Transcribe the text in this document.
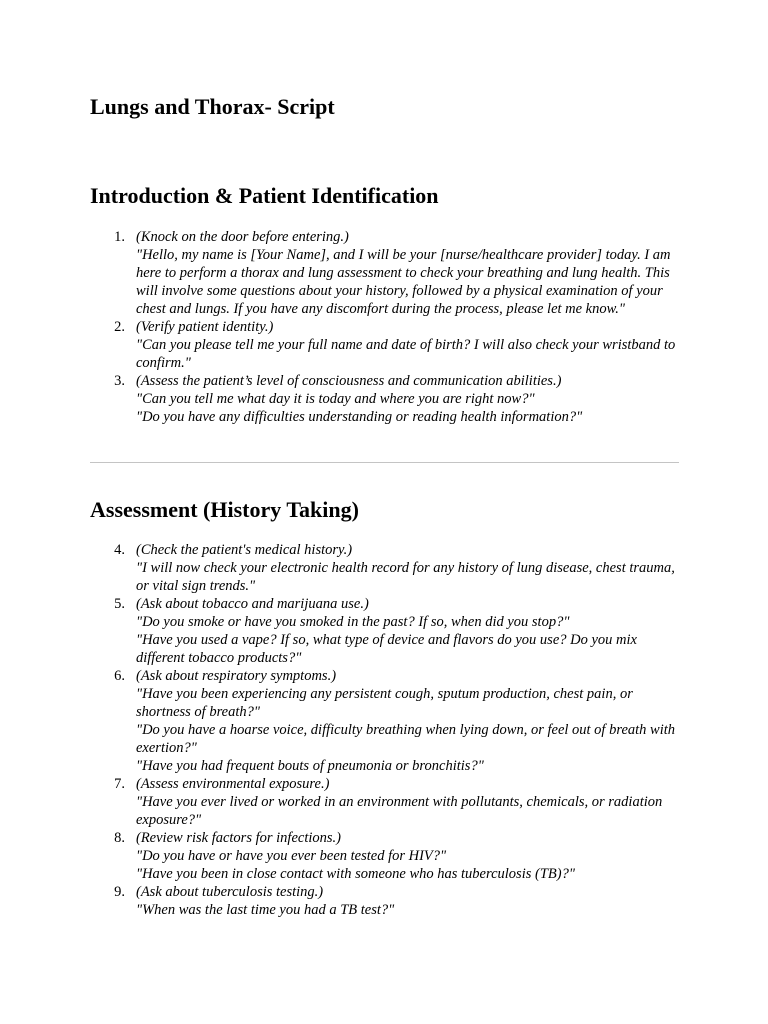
Lungs and Thorax- Script
Introduction & Patient Identification
1. (Knock on the door before entering.)
"Hello, my name is [Your Name], and I will be your [nurse/healthcare provider] today. I am here to perform a thorax and lung assessment to check your breathing and lung health. This will involve some questions about your history, followed by a physical examination of your chest and lungs. If you have any discomfort during the process, please let me know."
2. (Verify patient identity.)
"Can you please tell me your full name and date of birth? I will also check your wristband to confirm."
3. (Assess the patient’s level of consciousness and communication abilities.)
"Can you tell me what day it is today and where you are right now?"
"Do you have any difficulties understanding or reading health information?"
Assessment (History Taking)
4. (Check the patient's medical history.)
"I will now check your electronic health record for any history of lung disease, chest trauma, or vital sign trends."
5. (Ask about tobacco and marijuana use.)
"Do you smoke or have you smoked in the past? If so, when did you stop?"
"Have you used a vape? If so, what type of device and flavors do you use? Do you mix different tobacco products?"
6. (Ask about respiratory symptoms.)
"Have you been experiencing any persistent cough, sputum production, chest pain, or shortness of breath?"
"Do you have a hoarse voice, difficulty breathing when lying down, or feel out of breath with exertion?"
"Have you had frequent bouts of pneumonia or bronchitis?"
7. (Assess environmental exposure.)
"Have you ever lived or worked in an environment with pollutants, chemicals, or radiation exposure?"
8. (Review risk factors for infections.)
"Do you have or have you ever been tested for HIV?"
"Have you been in close contact with someone who has tuberculosis (TB)?"
9. (Ask about tuberculosis testing.)
"When was the last time you had a TB test?"
